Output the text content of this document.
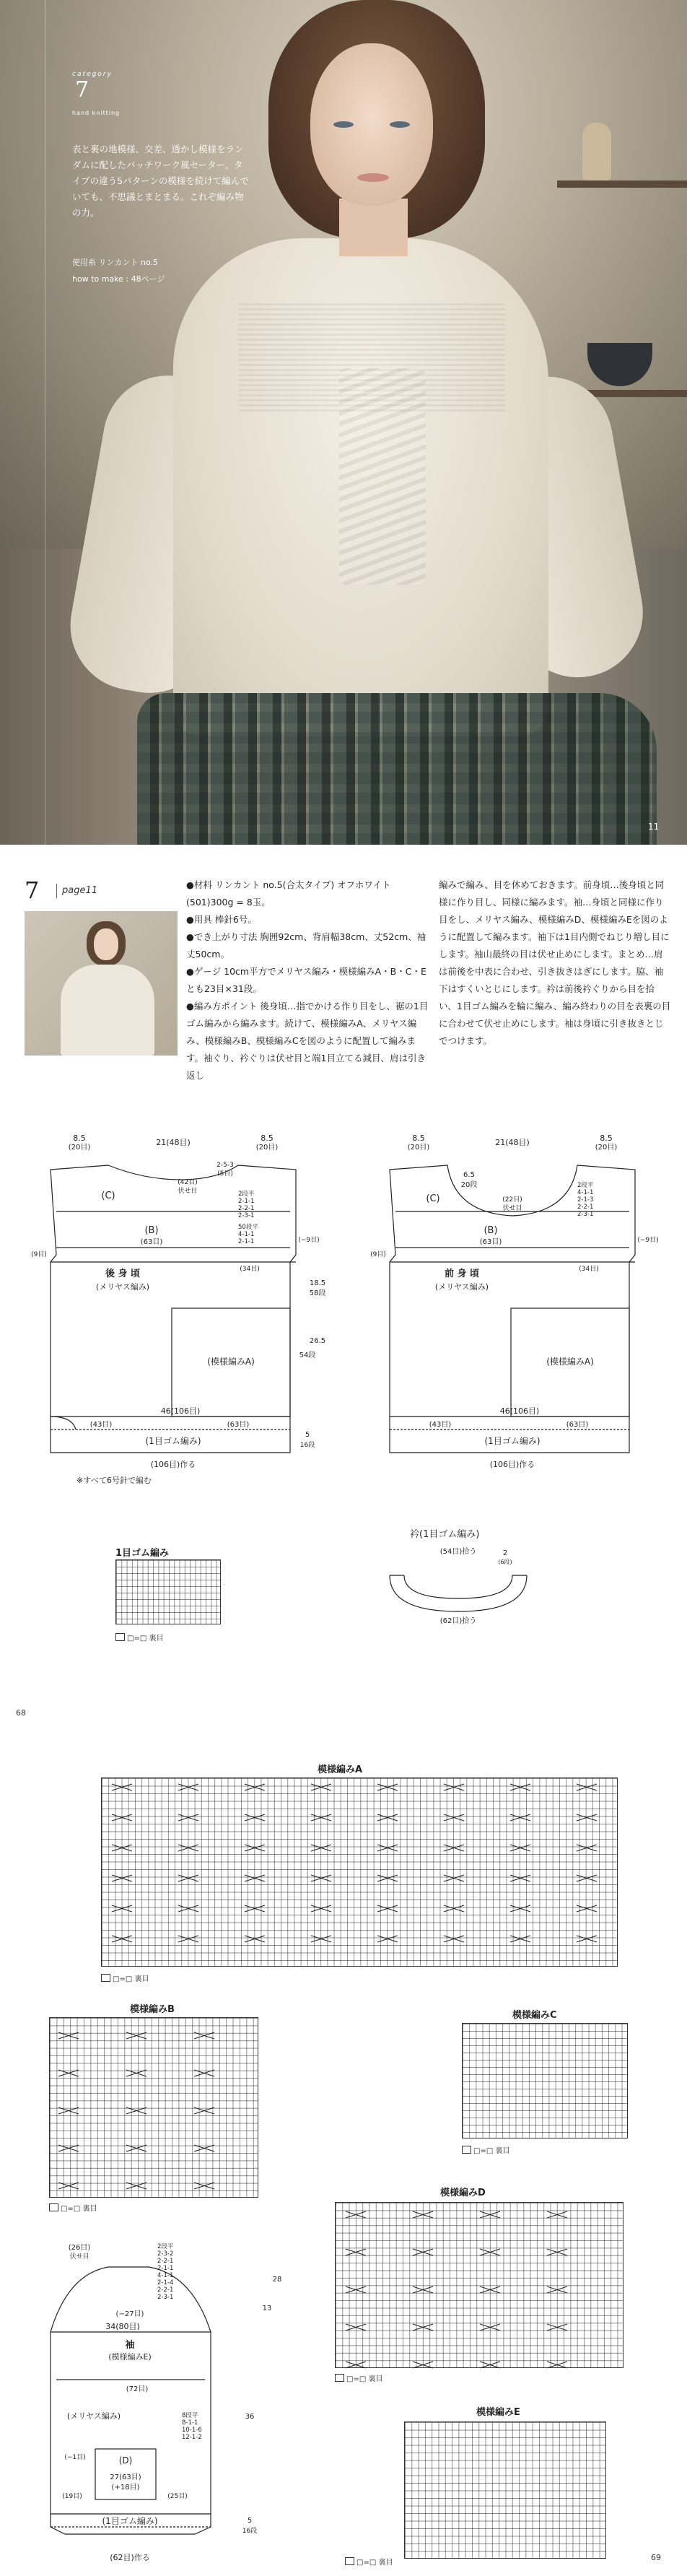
category
7
hand knitting
表と裏の地模様、交差、透かし模様をランダムに配したパッチワーク風セーター。タイプの違う5パターンの模様を続けて編んでいても、不思議とまとまる。これぞ編み物の力。
使用糸 リンカント no.5
how to make : 48ページ
11
7 page11

●材料 リンカント no.5(合太タイプ) オフホワイト(501)300g = 8玉。

●用具 棒針6号。

●でき上がり寸法 胸囲92cm、背肩幅38cm、丈52cm、袖丈50cm。

●ゲージ 10cm平方でメリヤス編み・模様編みA・B・C・E とも23目×31段。

●編み方ポイント 後身頃…指でかける作り目をし、裾の1目ゴム編みから編みます。続けて、模様編みA、メリヤス編み、模様編みB、模様編みCを図のように配置して編みます。袖ぐり、衿ぐりは伏せ目と端1目立てる減目、肩は引き返し

編みで編み、目を休めておきます。前身頃…後身頃と同様に作り目し、同様に編みます。袖…身頃と同様に作り目をし、メリヤス編み、模様編みD、模様編みEを図のように配置して編みます。袖下は1目内側でねじり増し目にします。袖山最終の目は伏せ止めにします。まとめ…肩は前後を中表に合わせ、引き抜きはぎにします。脇、袖下はすくいとじにします。衿は前後衿ぐりから目を拾い、1目ゴム編みを輪に編み、編み終わりの目を表裏の目に合わせて伏せ止めにします。袖は身頃に引き抜きとじでつけます。

8.5
(20目)
21(48目)	8.5
(20目)
2-5-3
(5目)
(42目)
伏せ目
(C)
(B)
(63目)
後 身 頃
(メリヤス編み)
(模様編みA)
(9目)
(34目)
(−9目)
18.5
58段
26.5
54段
46(106目)
(43目)	(63目)
5
16段
(1目ゴム編み)
(106目)作る
2段平
2-1-1
2-2-1
2-3-1
50段平
4-1-1
2-1-1
8.5
(20目)
21(48目)	8.5
(20目)
6.5
20段
(22目)
伏せ目
(C)
(B)
(63目)
前 身 頃
(メリヤス編み)
(模様編みA)
(9目)
(34目)
(−9目)
46(106目)
(43目)	(63目)
(1目ゴム編み)
(106目)作る
2段平
4-1-1
2-1-3
2-2-1
2-3-1
※すべて6号針で編む
1目ゴム編み
□=□ 裏目
衿(1目ゴム編み)
(54目)拾う	2
(6段)
(62目)拾う
68
模様編みA
□=□ 裏目
模様編みB
□=□ 裏目
模様編みC
□=□ 裏目
模様編みD
□=□ 裏目
模様編みE
□=□ 裏目
(26目)
伏せ目
(−27目)
34(80目)
袖
(模様編みE)
(72目)
(メリヤス編み)
(D)
27(63目)
(+18目)
(−1目)
(19目)	(25目)
13
36
5
16段
28
(1目ゴム編み)
(62目)作る
2段平
2-3-2
2-2-1
2-1-1
4-1-1
2-1-4
2-2-1
2-3-1
8段平
8-1-1
10-1-6
12-1-2
69
